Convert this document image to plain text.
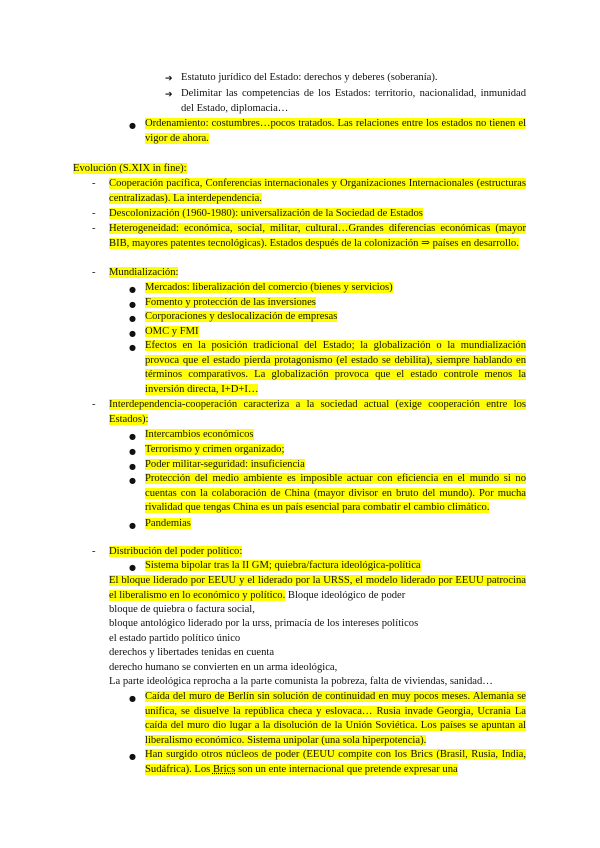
➔ Estatuto jurídico del Estado: derechos y deberes (soberanía).
➔ Delimitar las competencias de los Estados: territorio, nacionalidad, inmunidad del Estado, diplomacia…
● Ordenamiento: costumbres…pocos tratados. Las relaciones entre los estados no tienen el vigor de ahora.
Evolución (S.XIX in fine):
- Cooperación pacífica, Conferencias internacionales y Organizaciones Internacionales (estructuras centralizadas). La interdependencia.
- Descolonización (1960-1980): universalización de la Sociedad de Estados
- Heterogeneidad: económica, social, militar, cultural…Grandes diferencias económicas (mayor BIB, mayores patentes tecnológicas). Estados después de la colonización ⇒ países en desarrollo.
- Mundialización:
● Mercados: liberalización del comercio (bienes y servicios)
● Fomento y protección de las inversiones
● Corporaciones y deslocalización de empresas
● OMC y FMI
● Efectos en la posición tradicional del Estado; la globalización o la mundialización provoca que el estado pierda protagonismo (el estado se debilita), siempre hablando en términos comparativos. La globalización provoca que el estado controle menos la inversión directa, I+D+I…
- Interdependencia-cooperación caracteriza a la sociedad actual (exige cooperación entre los Estados):
● Intercambios económicos
● Terrorismo y crimen organizado;
● Poder militar-seguridad: insuficiencia
● Protección del medio ambiente es imposible actuar con eficiencia en el mundo si no cuentas con la colaboración de China (mayor divisor en bruto del mundo). Por mucha rivalidad que tengas China es un país esencial para combatir el cambio climático.
● Pandemias
- Distribución del poder político:
● Sistema bipolar tras la II GM; quiebra/factura ideológica-política
El bloque liderado por EEUU y el liderado por la URSS, el modelo liderado por EEUU patrocina el liberalismo en lo económico y político. Bloque ideológico de poder
bloque de quiebra o factura social,
bloque antológico liderado por la urss, primacía de los intereses políticos
el estado partido político único
derechos y libertades tenidas en cuenta
derecho humano se convierten en un arma ideológica,
La parte ideológica reprocha a la parte comunista la pobreza, falta de viviendas, sanidad…
● Caída del muro de Berlín sin solución de continuidad en muy pocos meses. Alemania se unifica, se disuelve la república checa y eslovaca… Rusia invade Georgia, Ucrania La caída del muro dio lugar a la disolución de la Unión Soviética. Los países se apuntan al liberalismo económico. Sistema unipolar (una sola hiperpotencia).
● Han surgido otros núcleos de poder (EEUU compite con los Brics (Brasil, Rusia, India, Sudáfrica). Los Brics son un ente internacional que pretende expresar una
